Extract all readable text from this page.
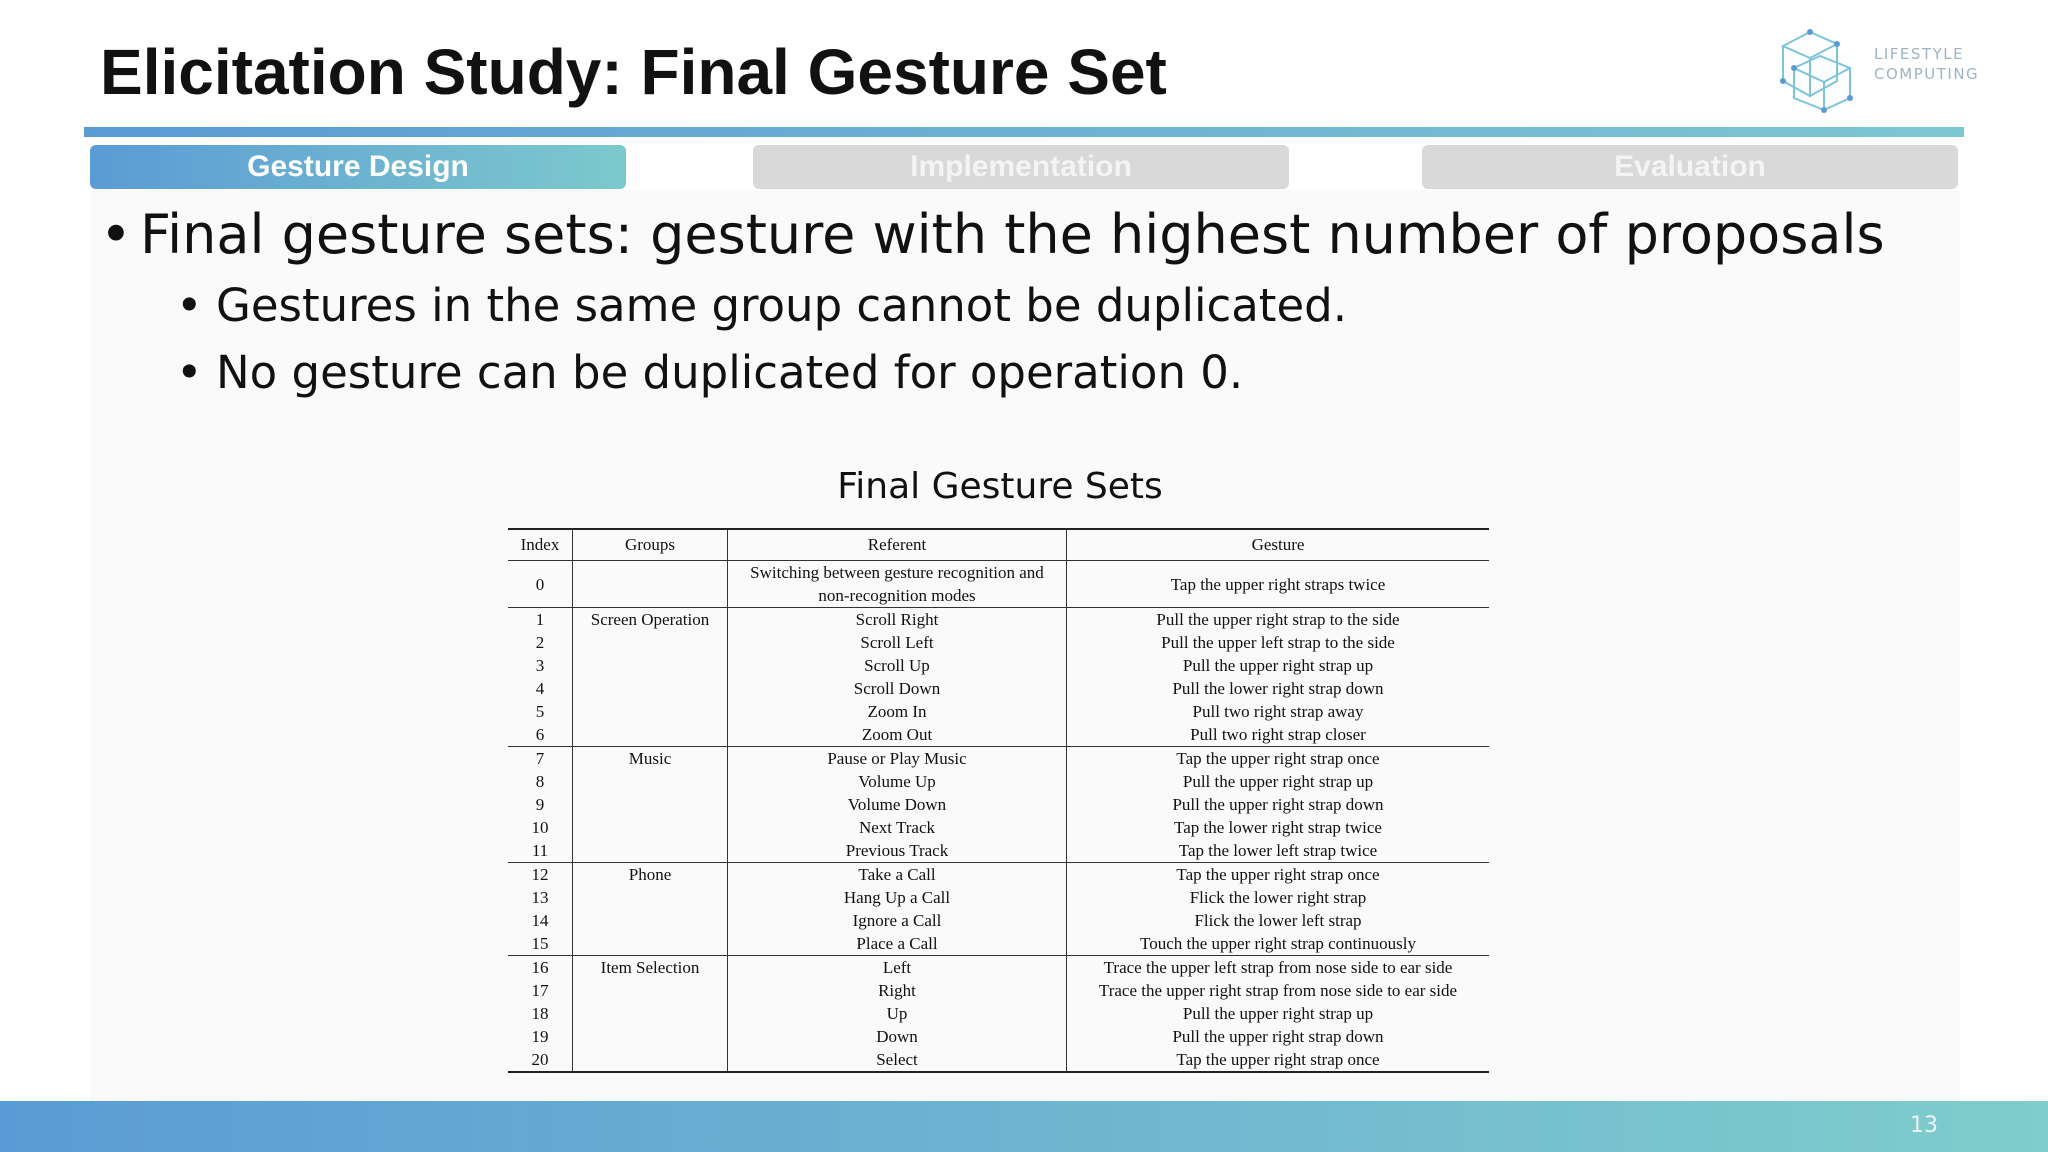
Elicitation Study: Final Gesture Set	LIFESTYLE
COMPUTING
Gesture Design	Implementation	Evaluation
• Final gesture sets: gesture with the highest number of proposals
• Gestures in the same group cannot be duplicated.
• No gesture can be duplicated for operation 0.
Final Gesture Sets
Index	Groups	Referent	Gesture
0		Switching between gesture recognition and non-recognition modes	Tap the upper right straps twice
1	Screen Operation	Scroll Right	Pull the upper right strap to the side
2		Scroll Left	Pull the upper left strap to the side
3		Scroll Up	Pull the upper right strap up
4		Scroll Down	Pull the lower right strap down
5		Zoom In	Pull two right strap away
6		Zoom Out	Pull two right strap closer
7	Music	Pause or Play Music	Tap the upper right strap once
8		Volume Up	Pull the upper right strap up
9		Volume Down	Pull the upper right strap down
10		Next Track	Tap the lower right strap twice
11		Previous Track	Tap the lower left strap twice
12	Phone	Take a Call	Tap the upper right strap once
13		Hang Up a Call	Flick the lower right strap
14		Ignore a Call	Flick the lower left strap
15		Place a Call	Touch the upper right strap continuously
16	Item Selection	Left	Trace the upper left strap from nose side to ear side
17		Right	Trace the upper right strap from nose side to ear side
18		Up	Pull the upper right strap up
19		Down	Pull the upper right strap down
20		Select	Tap the upper right strap once
13
